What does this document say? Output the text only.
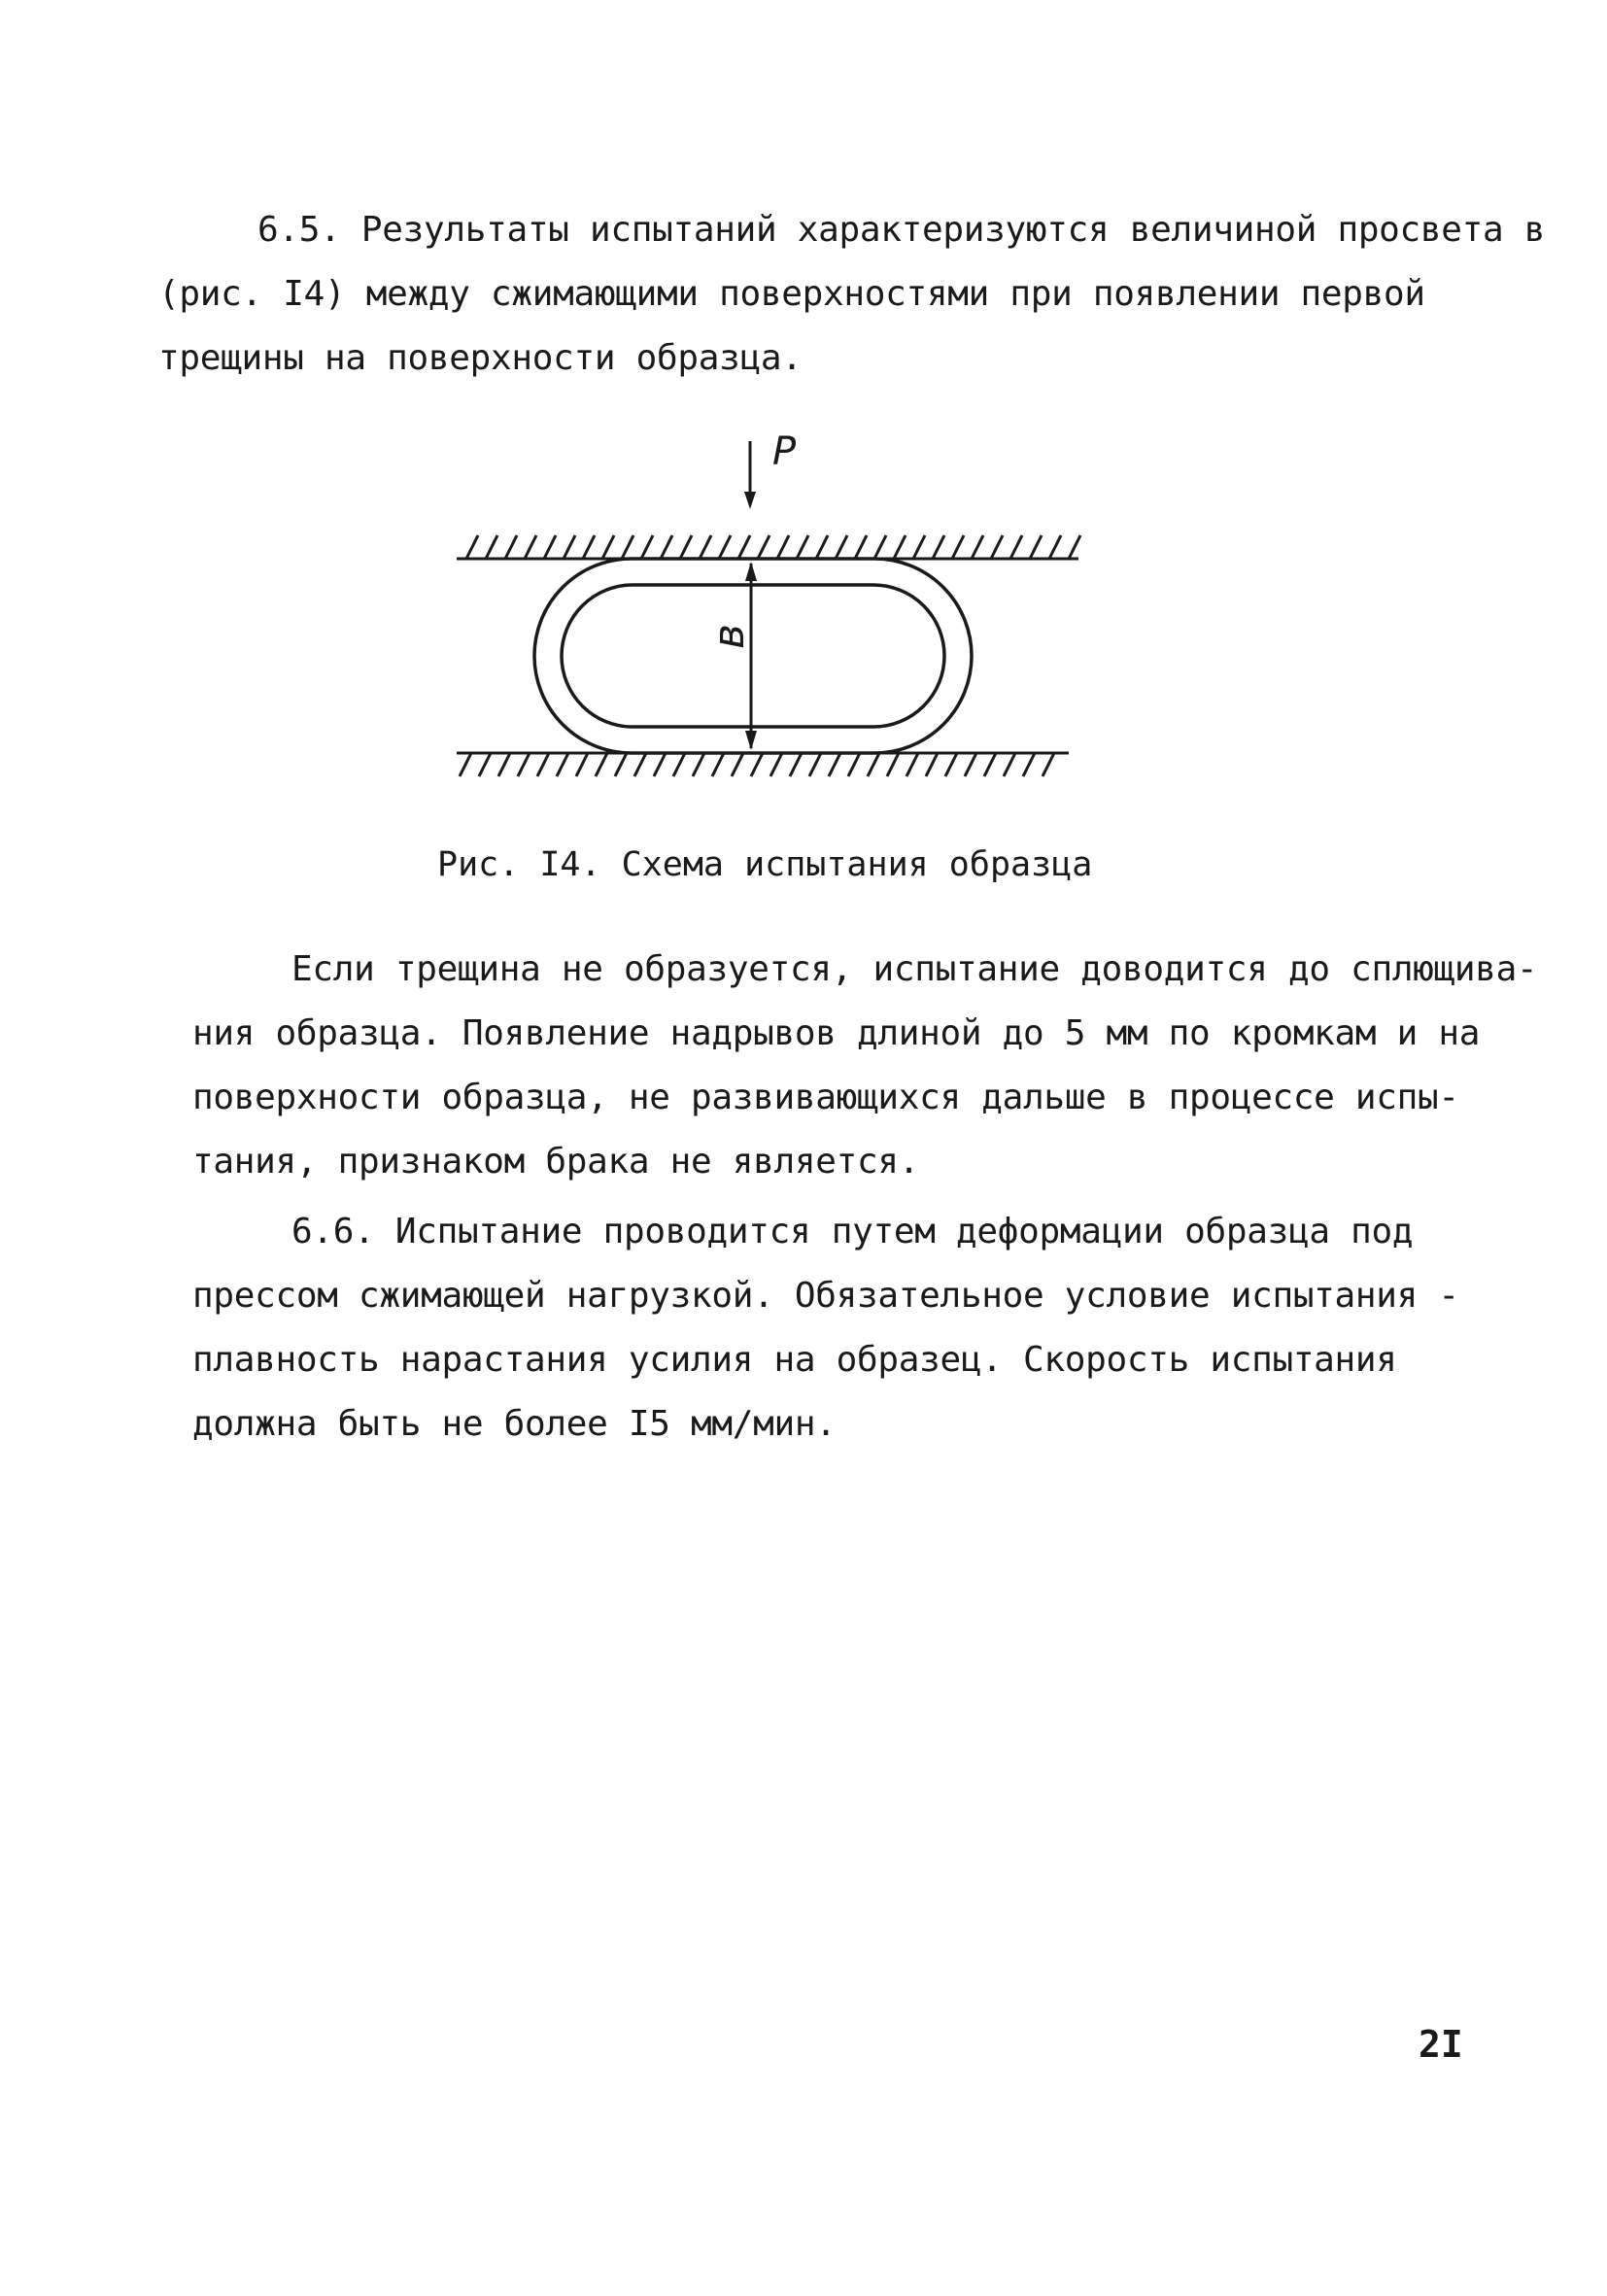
6.5. Результаты испытаний характеризуются величиной просвета в
(рис. I4) между сжимающими поверхностями при появлении первой
трещины на поверхности образца.
P
в

Рис. I4. Схема испытания образца

Если трещина не образуется, испытание доводится до сплющива-
ния образца. Появление надрывов длиной до 5 мм по кромкам и на
поверхности образца, не развивающихся дальше в процессе испы-
тания, признаком брака не является.
6.6. Испытание проводится путем деформации образца под
прессом сжимающей нагрузкой. Обязательное условие испытания -
плавность нарастания усилия на образец. Скорость испытания
должна быть не более I5 мм/мин.

2I
